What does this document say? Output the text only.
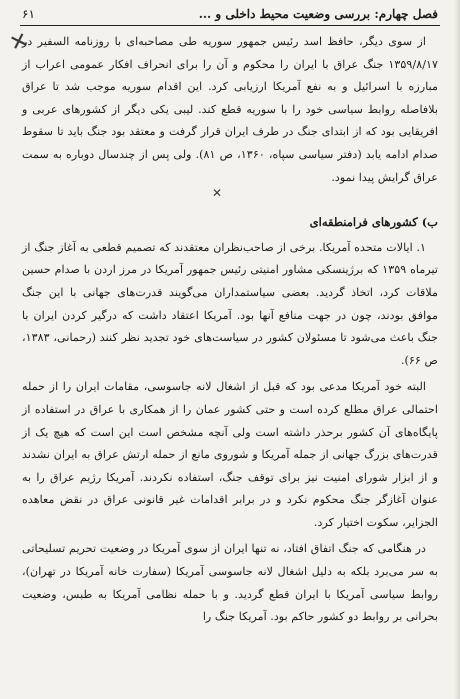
فصل چهارم: بررسی وضعیت محیط داخلی و ...
۶۱
✕

از سوی دیگر، حافظ اسد رئیس جمهور سوریه طی مصاحبه‌ای با روزنامه السفیر در ۱۳۵۹/۸/۱۷ جنگ عراق با ایران را محکوم و آن را برای انحراف افکار عمومی اعراب از مبارزه با اسرائیل و به نفع آمریکا ارزیابی کرد. این اقدام سوریه موجب شد تا عراق بلافاصله روابط سیاسی خود را با سوریه قطع کند. لیبی یکی دیگر از کشورهای عربی و افریقایی بود که از ابتدای جنگ در طرف ایران قرار گرفت و معتقد بود جنگ باید تا سقوط صدام ادامه یابد (دفتر سیاسی سپاه، ۱۳۶۰، ص ۸۱). ولی پس از چندسال دوباره به سمت عراق گرایش پیدا نمود.

ب) کشورهای فرامنطقه‌ای

۱. ایالات متحده آمریکا. برخی از صاحب‌نظران معتقدند که تصمیم قطعی به آغاز جنگ از تیرماه ۱۳۵۹ که برژینسکی مشاور امنیتی رئیس جمهور آمریکا در مرز اردن با صدام حسین ملاقات کرد، اتخاذ گردید. بعضی سیاستمداران می‌گویند قدرت‌های جهانی با این جنگ موافق بودند، چون در جهت منافع آنها بود. آمریکا اعتقاد داشت که درگیر کردن ایران با جنگ باعث می‌شود تا مسئولان کشور در سیاست‌های خود تجدید نظر کنند (رحمانی، ۱۳۸۳، ص ۶۶).

البته خود آمریکا مدعی بود که قبل از اشغال لانه جاسوسی، مقامات ایران را از حمله احتمالی عراق مطلع کرده است و حتی کشور عمان را از همکاری با عراق در استفاده از پایگاه‌های آن کشور برحذر داشته است ولی آنچه مشخص است این است که هیچ یک از قدرت‌های بزرگ جهانی از جمله آمریکا و شوروی مانع از حمله ارتش عراق به ایران نشدند و از ابزار شورای امنیت نیز برای توقف جنگ، استفاده نکردند. آمریکا رژیم عراق را به عنوان آغازگر جنگ محکوم نکرد و در برابر اقدامات غیر قانونی عراق در نقض معاهده الجزایر، سکوت اختیار کرد.

در هنگامی که جنگ اتفاق افتاد، نه تنها ایران از سوی آمریکا در وضعیت تحریم تسلیحاتی به سر می‌برد بلکه به دلیل اشغال لانه جاسوسی آمریکا (سفارت خانه آمریکا در تهران)، روابط سیاسی آمریکا با ایران قطع گردید. و با حمله نظامی آمریکا به طبس، وضعیت بحرانی بر روابط دو کشور حاکم بود. آمریکا جنگ را

✕
